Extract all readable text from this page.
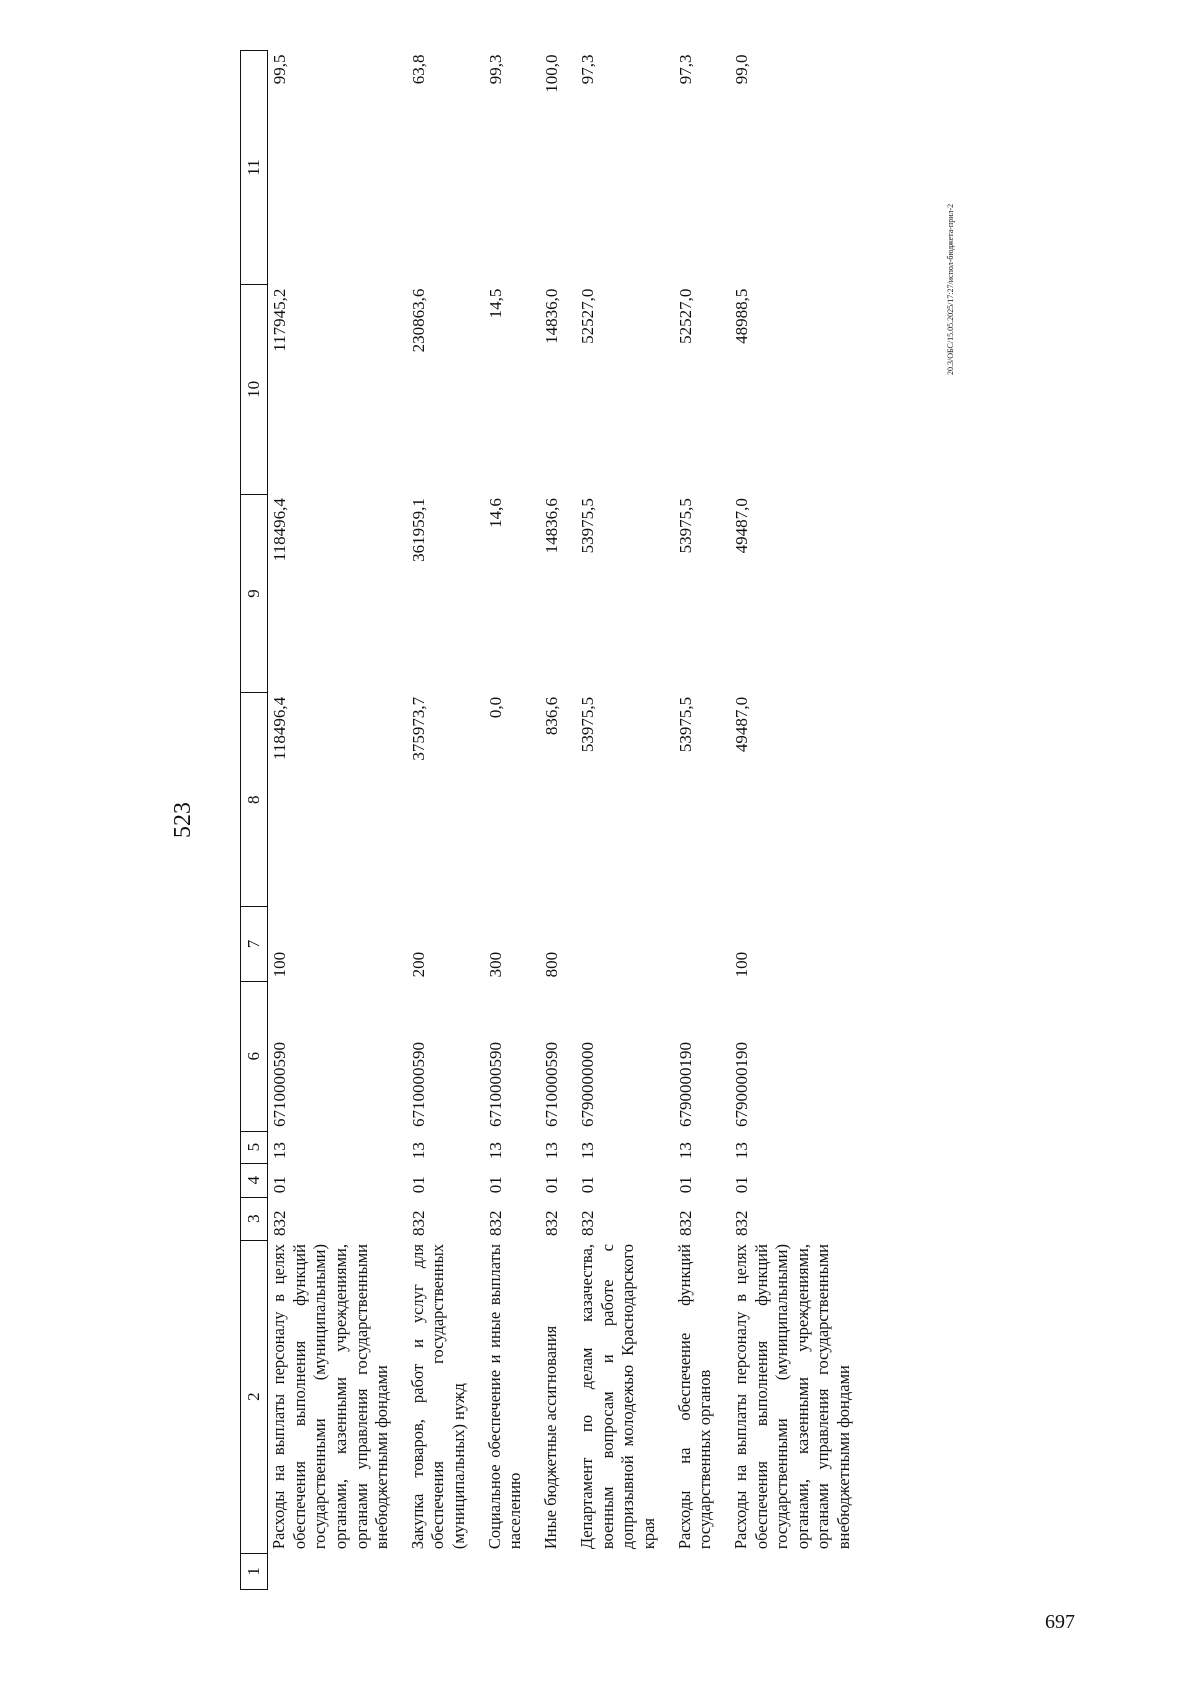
523
1	2	3	4	5	6	7	8	9	10	11
	Расходы на выплаты персоналу в целях обеспечения выполнения функций государственными (муниципальными) органами, казенными учреждениями, органами управления государственными внебюджетными фондами	832	01	13	6710000590	100	118496,4	118496,4	117945,2	99,5
	Закупка товаров, работ и услуг для обеспечения государственных (муниципальных) нужд	832	01	13	6710000590	200	375973,7	361959,1	230863,6	63,8
	Социальное обеспечение и иные выплаты населению	832	01	13	6710000590	300	0,0	14,6	14,5	99,3
	Иные бюджетные ассигнования	832	01	13	6710000590	800	836,6	14836,6	14836,0	100,0
	Департамент по делам казачества, военным вопросам и работе с допризывной молодежью Краснодарского края	832	01	13	6790000000		53975,5	53975,5	52527,0	97,3
	Расходы на обеспечение функций государственных органов	832	01	13	6790000190		53975,5	53975,5	52527,0	97,3
	Расходы на выплаты персоналу в целях обеспечения выполнения функций государственными (муниципальными) органами, казенными учреждениями, органами управления государственными внебюджетными фондами	832	01	13	6790000190	100	49487,0	49487,0	48988,5	99,0
20.3/ОБС/15.05.2025/17:27/испол-бюджета-прил-2
697
